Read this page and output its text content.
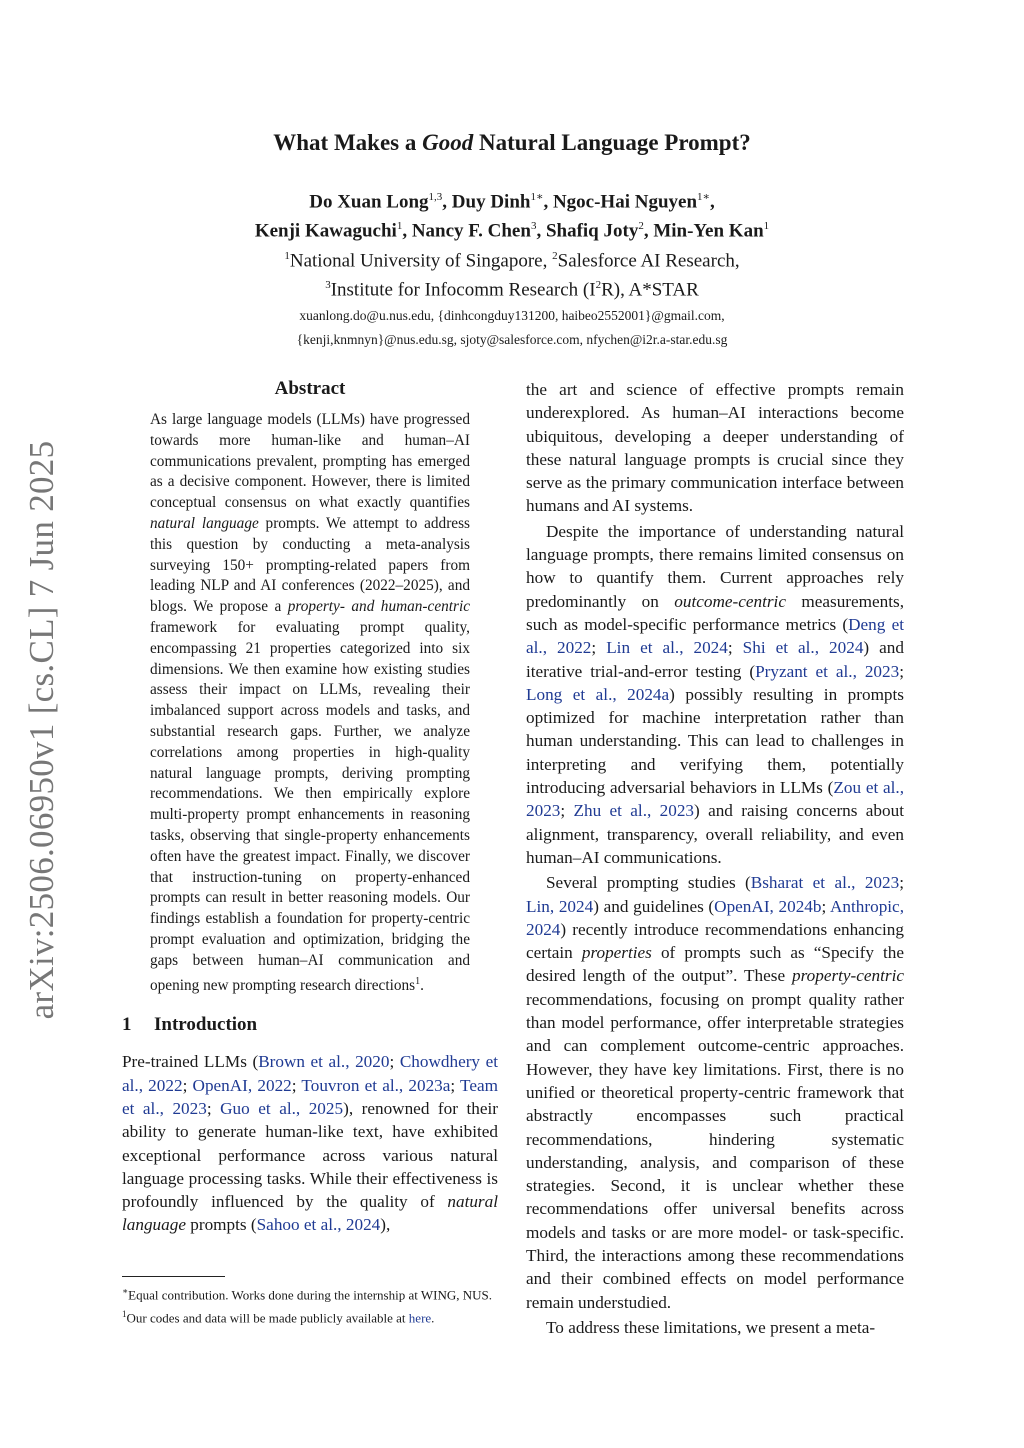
arXiv:2506.06950v1 [cs.CL] 7 Jun 2025
What Makes a Good Natural Language Prompt?
Do Xuan Long$^{1,3}$, Duy Dinh$^{1∗}$, Ngoc-Hai Nguyen$^{1∗}$,
Kenji Kawaguchi$^1$, Nancy F. Chen$^3$, Shafiq Joty$^2$, Min-Yen Kan$^1$
$^1$National University of Singapore, $^2$Salesforce AI Research,
$^3$Institute for Infocomm Research $(I^2R)$, A*STAR
xuanlong.do@u.nus.edu, {dinhcongduy131200, haibeo2552001}@gmail.com,
{kenji,knmnyn}@nus.edu.sg, sjoty@salesforce.com, nfychen@i2r.a-star.edu.sg
Abstract
As large language models (LLMs) have progressed towards more human-like and human–AI communications prevalent, prompting has emerged as a decisive component. However, there is limited conceptual consensus on what exactly quantifies natural language prompts. We attempt to address this question by conducting a meta-analysis surveying 150+ prompting-related papers from leading NLP and AI conferences (2022–2025), and blogs. We propose a property- and human-centric framework for evaluating prompt quality, encompassing 21 properties categorized into six dimensions. We then examine how existing studies assess their impact on LLMs, revealing their imbalanced support across models and tasks, and substantial research gaps. Further, we analyze correlations among properties in high-quality natural language prompts, deriving prompting recommendations. We then empirically explore multi-property prompt enhancements in reasoning tasks, observing that single-property enhancements often have the greatest impact. Finally, we discover that instruction-tuning on property-enhanced prompts can result in better reasoning models. Our findings establish a foundation for property-centric prompt evaluation and optimization, bridging the gaps between human–AI communication and opening new prompting research directions$^1$.
1 Introduction

Pre-trained LLMs (Brown et al., 2020; Chowdhery et al., 2022; OpenAI, 2022; Touvron et al., 2023a; Team et al., 2023; Guo et al., 2025), renowned for their ability to generate human-like text, have exhibited exceptional performance across various natural language processing tasks. While their effectiveness is profoundly influenced by the quality of natural language prompts (Sahoo et al., 2024),

∗Equal contribution. Works done during the internship at WING, NUS.

$^1$Our codes and data will be made publicly available at here.

the art and science of effective prompts remain underexplored. As human–AI interactions become ubiquitous, developing a deeper understanding of these natural language prompts is crucial since they serve as the primary communication interface between humans and AI systems.

Despite the importance of understanding natural language prompts, there remains limited consensus on how to quantify them. Current approaches rely predominantly on outcome-centric measurements, such as model-specific performance metrics (Deng et al., 2022; Lin et al., 2024; Shi et al., 2024) and iterative trial-and-error testing (Pryzant et al., 2023; Long et al., 2024a) possibly resulting in prompts optimized for machine interpretation rather than human understanding. This can lead to challenges in interpreting and verifying them, potentially introducing adversarial behaviors in LLMs (Zou et al., 2023; Zhu et al., 2023) and raising concerns about alignment, transparency, overall reliability, and even human–AI communications.

Several prompting studies (Bsharat et al., 2023; Lin, 2024) and guidelines (OpenAI, 2024b; Anthropic, 2024) recently introduce recommendations enhancing certain properties of prompts such as “Specify the desired length of the output”. These property-centric recommendations, focusing on prompt quality rather than model performance, offer interpretable strategies and can complement outcome-centric approaches. However, they have key limitations. First, there is no unified or theoretical property-centric framework that abstractly encompasses such practical recommendations, hindering systematic understanding, analysis, and comparison of these strategies. Second, it is unclear whether these recommendations offer universal benefits across models and tasks or are more model- or task-specific. Third, the interactions among these recommendations and their combined effects on model performance remain understudied.

To address these limitations, we present a meta-
